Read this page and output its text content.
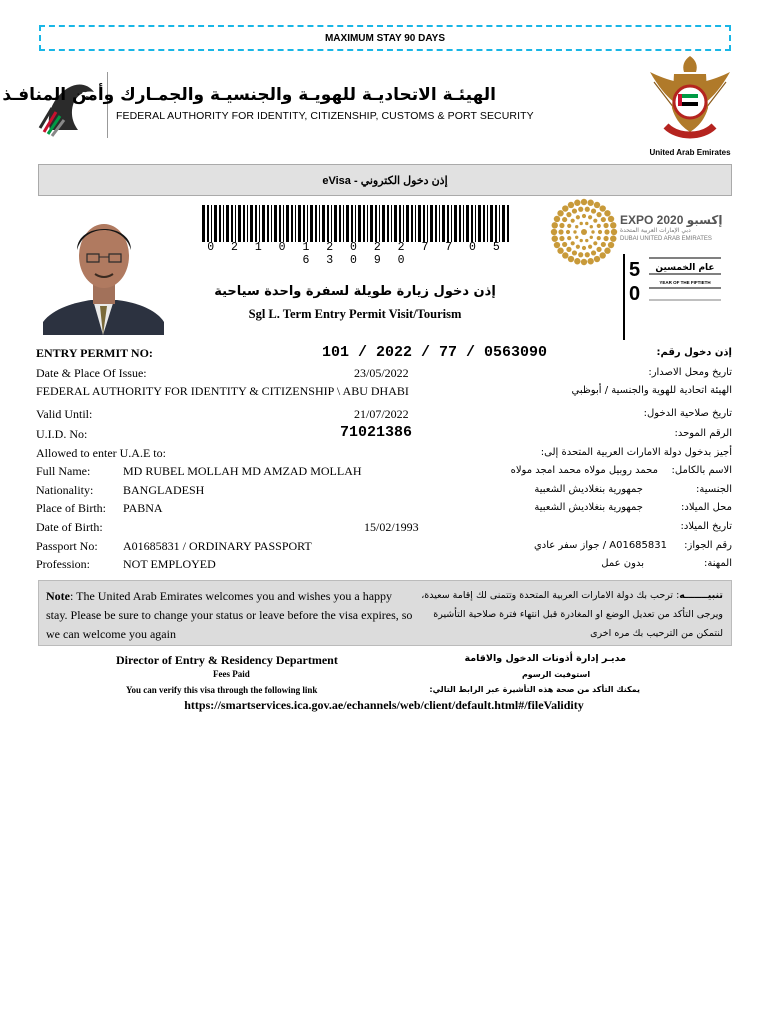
MAXIMUM STAY 90 DAYS
الهيئـة الاتحاديـة للهويـة والجنسيـة والجمـارك وأمن المنافـذ
FEDERAL AUTHORITY FOR IDENTITY, CITIZENSHIP, CUSTOMS & PORT SECURITY
United Arab Emirates
eVisa - إذن دخول الكتروني
0 2 1 0 1 2 0 2 2 7 7 0 5 6 3 0 9 0
EXPO 2020 إكسبو
دبي الإمارات العربية المتحدة
DUBAI UNITED ARAB EMIRATES
5
0
عام الخمسين
YEAR OF THE FIFTIETH
إذن دخول زيارة طويلة لسفرة واحدة سياحية
Sgl L. Term Entry Permit Visit/Tourism
ENTRY PERMIT NO:	101 / 2022 / 77 / 0563090	إذن دخول رقم:
Date & Place Of Issue:	23/05/2022	تاريخ ومحل الاصدار:
FEDERAL AUTHORITY FOR IDENTITY & CITIZENSHIP \ ABU DHABI	الهيئة اتحادية للهوية والجنسية / أبوظبي
Valid Until:	21/07/2022	تاريخ صلاحية الدخول:
U.I.D. No:	71021386	الرقم الموحد:
Allowed to enter U.A.E to:	أجيز بدخول دولة الامارات العربية المتحدة إلى:
Full Name:	MD RUBEL MOLLAH MD AMZAD MOLLAH	محمد روبيل مولاه محمد امجد مولاه الاسم بالكامل:
Nationality: BANGLADESH	جمهورية بنغلاديش الشعبية	الجنسية:
Place of Birth: PABNA	جمهورية بنغلاديش الشعبية	محل الميلاد:
Date of Birth:	15/02/1993	تاريخ الميلاد:
Passport No: A01685831 / ORDINARY PASSPORT	A01685831 / جواز سفر عادي رقم الجواز:
Profession:	NOT EMPLOYED	بدون عمل	المهنة:
Note: The United Arab Emirates welcomes you and wishes you a happy stay. Please be sure to change your status or leave before the visa expires, so we can welcome you again
تنبيـــــــه: ترحب بك دولة الامارات العربية المتحدة وتتمنى لك إقامة سعيدة، ويرجى التأكد من تعديل الوضع او المغادرة قبل انتهاء فترة صلاحية التأشيرة لنتمكن من الترحيب بك مره اخرى
Director of Entry & Residency Department
Fees Paid
You can verify this visa through the following link
مديـر إدارة أذونات الدخول والاقامة
استوفيت الرسوم
يمكنك التأكد من صحة هذه التأشيرة عبر الرابط التالي:
https://smartservices.ica.gov.ae/echannels/web/client/default.html#/fileValidity
